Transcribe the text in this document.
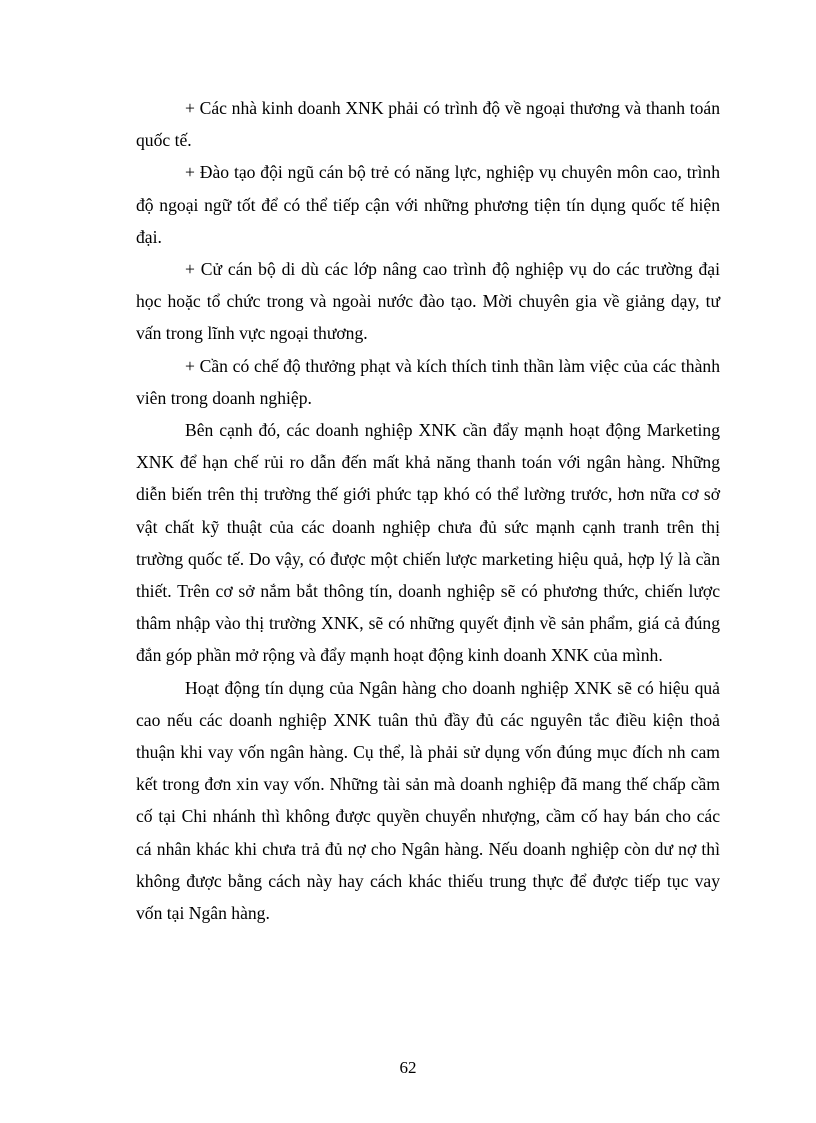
+ Các nhà kinh doanh XNK phải có trình độ về ngoại thương và thanh toán quốc tế.

+ Đào tạo đội ngũ cán bộ trẻ có năng lực, nghiệp vụ chuyên môn cao, trình độ ngoại ngữ tốt để có thể tiếp cận với những phương tiện tín dụng quốc tế hiện đại.

+ Cử cán bộ di dù các lớp nâng cao trình độ nghiệp vụ do các trường đại học hoặc tổ chức trong và ngoài nước đào tạo. Mời chuyên gia về giảng dạy, tư vấn trong lĩnh vực ngoại thương.

+ Cần có chế độ thưởng phạt và kích thích tinh thần làm việc của các thành viên trong doanh nghiệp.

Bên cạnh đó, các doanh nghiệp XNK cần đẩy mạnh hoạt động Marketing XNK để hạn chế rủi ro dẫn đến mất khả năng thanh toán với ngân hàng. Những diễn biến trên thị trường thế giới phức tạp khó có thể lường trước, hơn nữa cơ sở vật chất kỹ thuật của các doanh nghiệp chưa đủ sức mạnh cạnh tranh trên thị trường quốc tế. Do vậy, có được một chiến lược marketing hiệu quả, hợp lý là cần thiết. Trên cơ sở nắm bắt thông tín, doanh nghiệp sẽ có phương thức, chiến lược thâm nhập vào thị trường XNK, sẽ có những quyết định về sản phẩm, giá cả đúng đắn góp phần mở rộng và đẩy mạnh hoạt động kinh doanh XNK của mình.

Hoạt động tín dụng của Ngân hàng cho doanh nghiệp XNK sẽ có hiệu quả cao nếu các doanh nghiệp XNK tuân thủ đầy đủ các nguyên tắc điều kiện thoả thuận khi vay vốn ngân hàng. Cụ thể, là phải sử dụng vốn đúng mục đích nh cam kết trong đơn xin vay vốn. Những tài sản mà doanh nghiệp đã mang thế chấp cầm cố tại Chi nhánh thì không được quyền chuyển nhượng, cầm cố hay bán cho các cá nhân khác khi chưa trả đủ nợ cho Ngân hàng. Nếu doanh nghiệp còn dư nợ thì không được bằng cách này hay cách khác thiếu trung thực để được tiếp tục vay vốn tại Ngân hàng.

62
